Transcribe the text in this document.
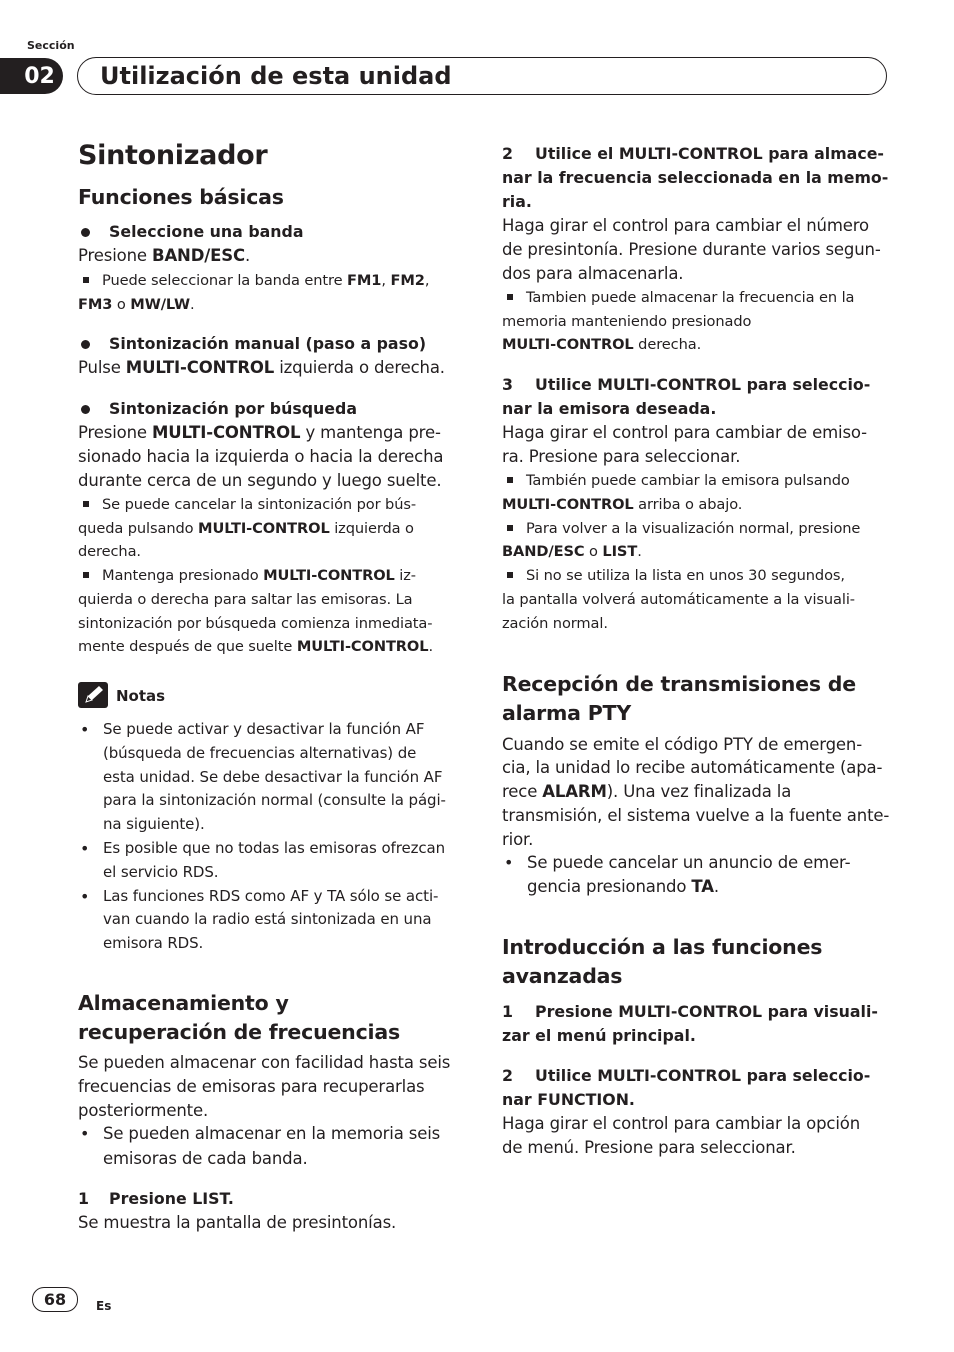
Sección
02	Utilización de esta unidad
Sintonizador
Funciones básicas
Seleccione una banda
Presione BAND/ESC.
Puede seleccionar la banda entre FM1, FM2,
FM3 o MW/LW.
Sintonización manual (paso a paso)
Pulse MULTI-CONTROL izquierda o derecha.
Sintonización por búsqueda
Presione MULTI-CONTROL y mantenga pre-
sionado hacia la izquierda o hacia la derecha
durante cerca de un segundo y luego suelte.
Se puede cancelar la sintonización por bús-
queda pulsando MULTI-CONTROL izquierda o
derecha.
Mantenga presionado MULTI-CONTROL iz-
quierda o derecha para saltar las emisoras. La
sintonización por búsqueda comienza inmediata-
mente después de que suelte MULTI-CONTROL.
Notas
• Se puede activar y desactivar la función AF
(búsqueda de frecuencias alternativas) de
esta unidad. Se debe desactivar la función AF
para la sintonización normal (consulte la pági-
na siguiente).
• Es posible que no todas las emisoras ofrezcan
el servicio RDS.
• Las funciones RDS como AF y TA sólo se acti-
van cuando la radio está sintonizada en una
emisora RDS.
Almacenamiento y
recuperación de frecuencias
Se pueden almacenar con facilidad hasta seis
frecuencias de emisoras para recuperarlas
posteriormente.
• Se pueden almacenar en la memoria seis
emisoras de cada banda.
1 Presione LIST.
Se muestra la pantalla de presintonías.
2 Utilice el MULTI-CONTROL para almace-
nar la frecuencia seleccionada en la memo-
ria.
Haga girar el control para cambiar el número
de presintonía. Presione durante varios segun-
dos para almacenarla.
Tambien puede almacenar la frecuencia en la
memoria manteniendo presionado
MULTI-CONTROL derecha.
3 Utilice MULTI-CONTROL para seleccio-
nar la emisora deseada.
Haga girar el control para cambiar de emiso-
ra. Presione para seleccionar.
También puede cambiar la emisora pulsando
MULTI-CONTROL arriba o abajo.
Para volver a la visualización normal, presione
BAND/ESC o LIST.
Si no se utiliza la lista en unos 30 segundos,
la pantalla volverá automáticamente a la visuali-
zación normal.
Recepción de transmisiones de
alarma PTY
Cuando se emite el código PTY de emergen-
cia, la unidad lo recibe automáticamente (apa-
rece ALARM). Una vez finalizada la
transmisión, el sistema vuelve a la fuente ante-
rior.
• Se puede cancelar un anuncio de emer-
gencia presionando TA.
Introducción a las funciones
avanzadas
1 Presione MULTI-CONTROL para visuali-
zar el menú principal.
2 Utilice MULTI-CONTROL para seleccio-
nar FUNCTION.
Haga girar el control para cambiar la opción
de menú. Presione para seleccionar.
68	Es
